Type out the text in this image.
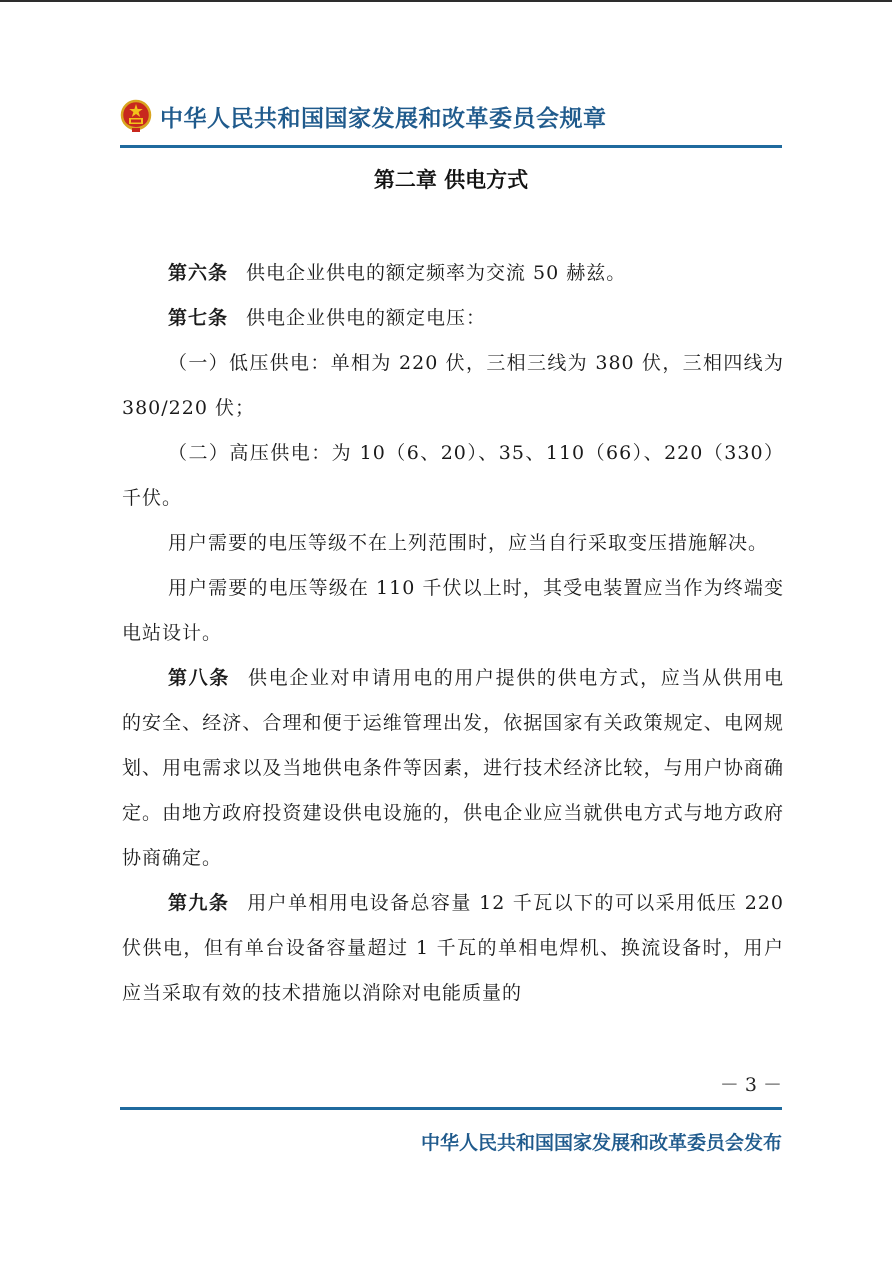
中华人民共和国国家发展和改革委员会规章
第二章 供电方式

第六条 供电企业供电的额定频率为交流 50 赫兹。

第七条 供电企业供电的额定电压：

（一）低压供电：单相为 220 伏，三相三线为 380 伏，三相四线为 380/220 伏；

（二）高压供电：为 10（6、20）、35、110（66）、220（330）千伏。

用户需要的电压等级不在上列范围时，应当自行采取变压措施解决。

用户需要的电压等级在 110 千伏以上时，其受电装置应当作为终端变电站设计。

第八条 供电企业对申请用电的用户提供的供电方式，应当从供用电的安全、经济、合理和便于运维管理出发，依据国家有关政策规定、电网规划、用电需求以及当地供电条件等因素，进行技术经济比较，与用户协商确定。由地方政府投资建设供电设施的，供电企业应当就供电方式与地方政府协商确定。

第九条 用户单相用电设备总容量 12 千瓦以下的可以采用低压 220 伏供电，但有单台设备容量超过 1 千瓦的单相电焊机、换流设备时，用户应当采取有效的技术措施以消除对电能质量的

－ 3 －
中华人民共和国国家发展和改革委员会发布
